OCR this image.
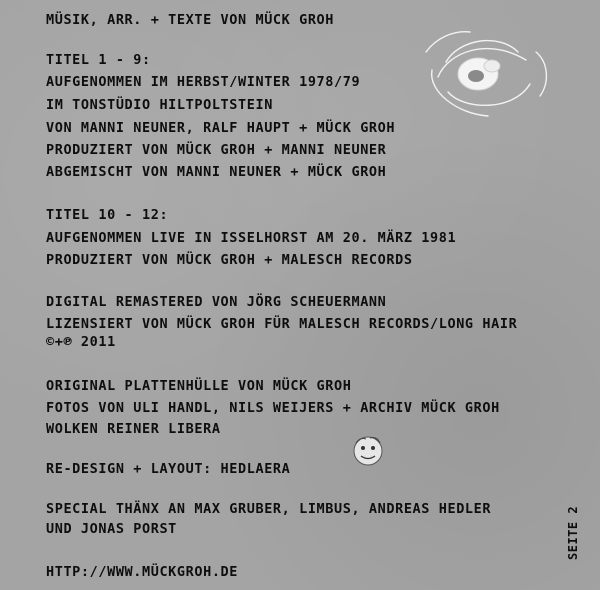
MÜSIK, ARR. + TEXTE VON MÜCK GROH
TITEL 1 - 9:
AUFGENOMMEN IM HERBST/WINTER 1978/79
IM TONSTÜDIO HILTPOLTSTEIN
VON MANNI NEUNER, RALF HAUPT + MÜCK GROH
PRODUZIERT VON MÜCK GROH + MANNI NEUNER
ABGEMISCHT VON MANNI NEUNER + MÜCK GROH
TITEL 10 - 12:
AUFGENOMMEN LIVE IN ISSELHORST AM 20. MÄRZ 1981
PRODUZIERT VON MÜCK GROH + MALESCH RECORDS
DIGITAL REMASTERED VON JÖRG SCHEUERMANN
LIZENSIERT VON MÜCK GROH FÜR MALESCH RECORDS/LONG HAIR
©+℗ 2011
ORIGINAL PLATTENHÜLLE VON MÜCK GROH
FOTOS VON ULI HANDL, NILS WEIJERS + ARCHIV MÜCK GROH
WOLKEN REINER LIBERA
RE-DESIGN + LAYOUT: HEDLAERA
SPECIAL THÄNX AN MAX GRUBER, LIMBUS, ANDREAS HEDLER
UND JONAS PORST
HTTP://WWW.MÜCKGROH.DE
SEITE 2
